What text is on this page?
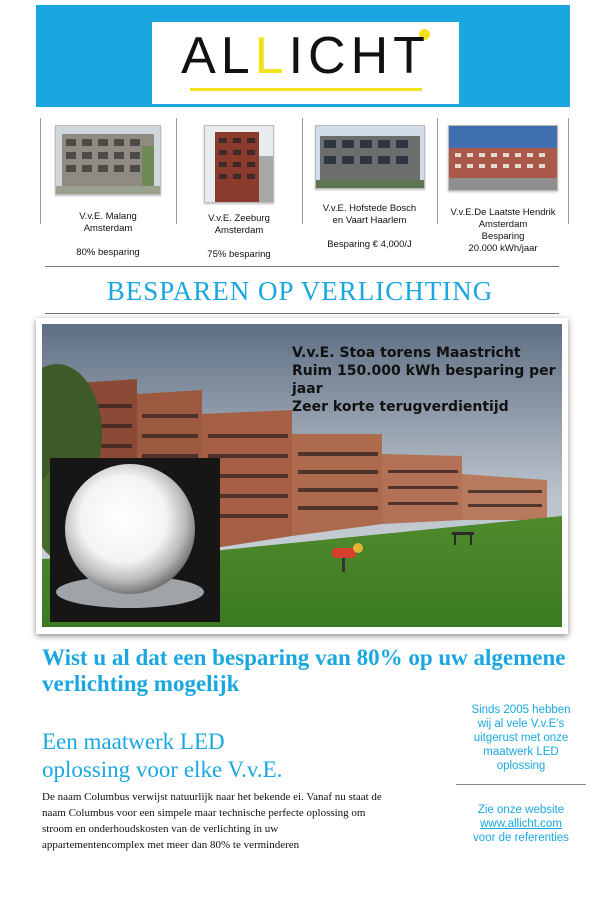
ALLICHT
electrotechniek
V.v.E. Malang
Amsterdam
80% besparing
V.v.E. Zeeburg
Amsterdam
75% besparing
V.v.E. Hofstede Bosch
en Vaart Haarlem
Besparing € 4,000/J
V.v.E.De Laatste Hendrik
Amsterdam
Besparing
20.000 kWh/jaar
BESPAREN OP VERLICHTING
V.v.E. Stoa torens Maastricht
Ruim 150.000 kWh besparing per jaar
Zeer korte terugverdientijd
Wist u al dat een besparing van 80% op uw algemene verlichting mogelijk
Sinds 2005 hebben
wij al vele V.v.E's
uitgerust met onze
maatwerk LED
oplossing
Zie onze website
www.allicht.com
voor de referenties
Een maatwerk LED
oplossing voor elke V.v.E.
De naam Columbus verwijst natuurlijk naar het bekende ei. Vanaf nu staat de naam Columbus voor een simpele maar technische perfecte oplossing om stroom en onderhoudskosten van de verlichting in uw appartementencomplex met meer dan 80% te verminderen
